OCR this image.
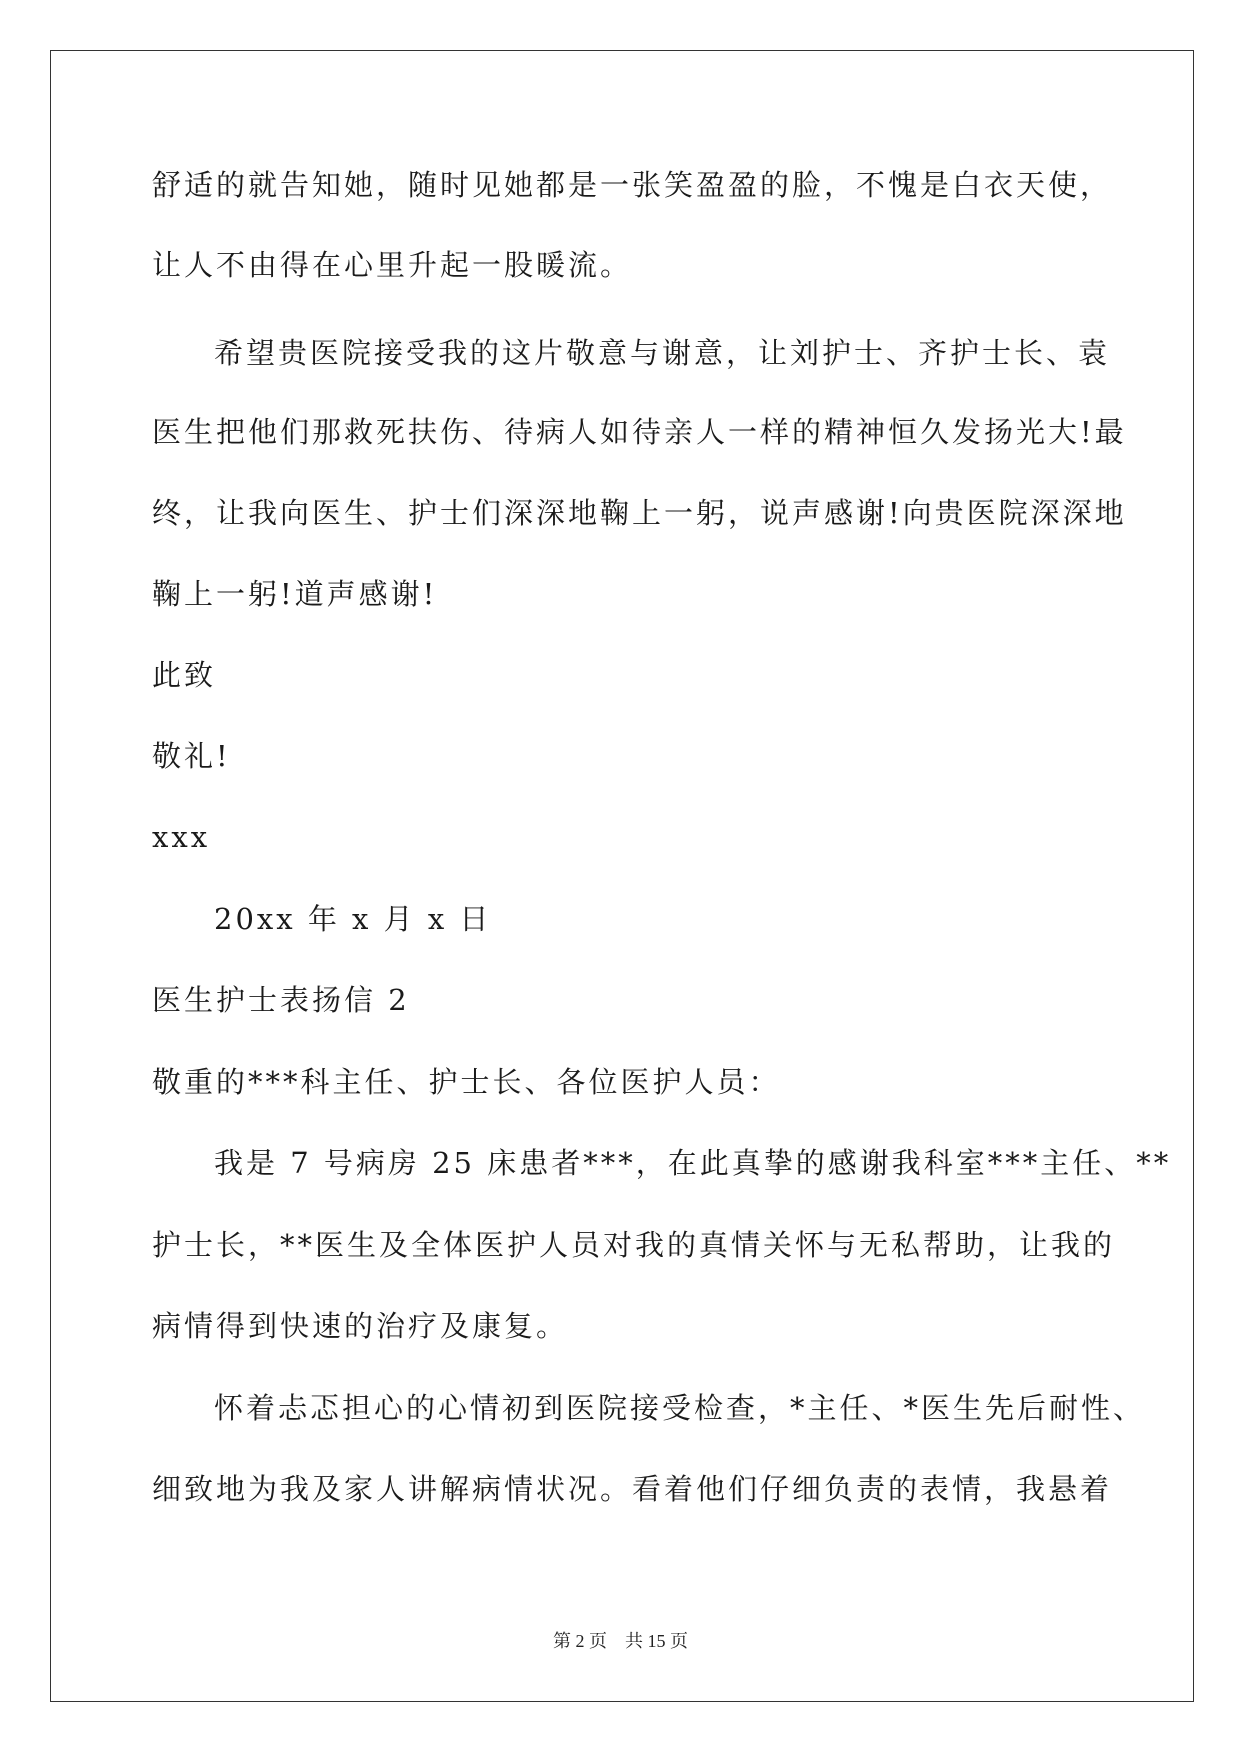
舒适的就告知她，随时见她都是一张笑盈盈的脸，不愧是白衣天使，
让人不由得在心里升起一股暖流。
希望贵医院接受我的这片敬意与谢意，让刘护士、齐护士长、袁
医生把他们那救死扶伤、待病人如待亲人一样的精神恒久发扬光大!最
终，让我向医生、护士们深深地鞠上一躬，说声感谢!向贵医院深深地
鞠上一躬!道声感谢!
此致
敬礼!
xxx
20xx 年 x 月 x 日
医生护士表扬信 2
敬重的***科主任、护士长、各位医护人员：
我是 7 号病房 25 床患者***，在此真挚的感谢我科室***主任、**
护士长，**医生及全体医护人员对我的真情关怀与无私帮助，让我的
病情得到快速的治疗及康复。
怀着忐忑担心的心情初到医院接受检查，*主任、*医生先后耐性、
细致地为我及家人讲解病情状况。看着他们仔细负责的表情，我悬着
第 2 页　共 15 页
